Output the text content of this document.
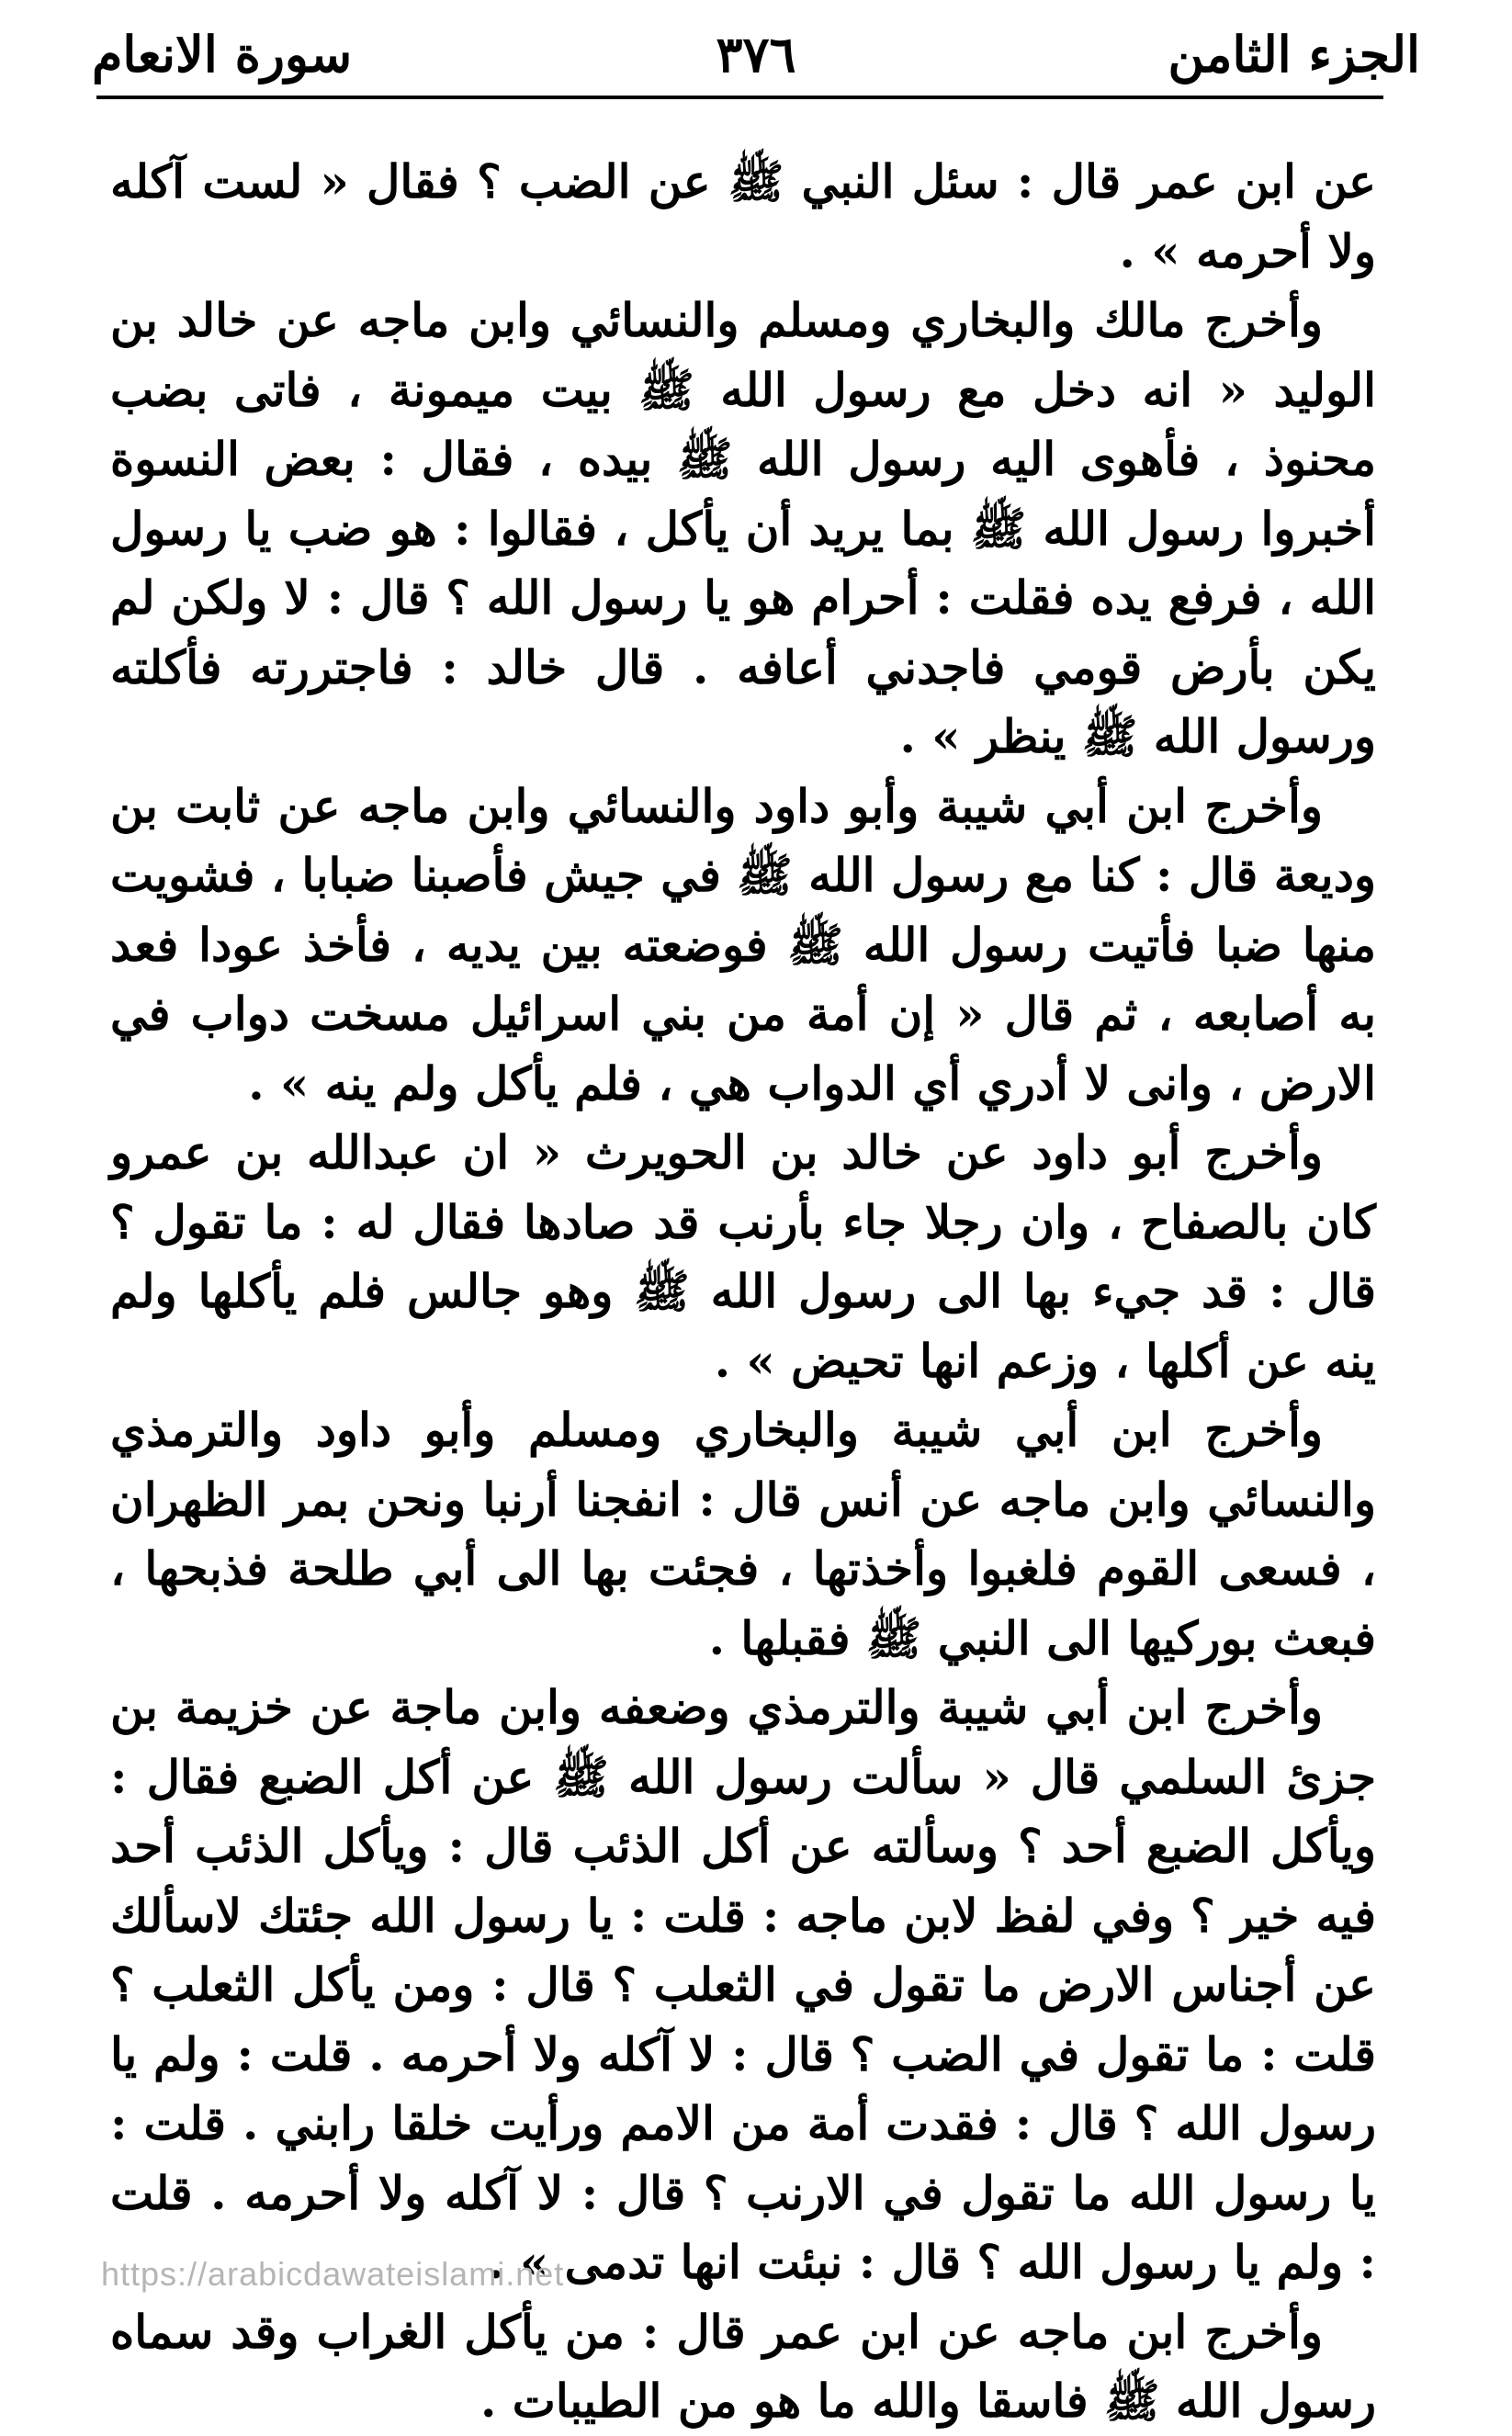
الجزء الثامن
٣٧٦
سورة الانعام

عن ابن عمر قال : سئل النبي ﷺ عن الضب ؟ فقال « لست آكله ولا أحرمه » .

وأخرج مالك والبخاري ومسلم والنسائي وابن ماجه عن خالد بن الوليد « انه دخل مع رسول الله ﷺ بيت ميمونة ، فاتى بضب محنوذ ، فأهوى اليه رسول الله ﷺ بيده ، فقال : بعض النسوة أخبروا رسول الله ﷺ بما يريد أن يأكل ، فقالوا : هو ضب يا رسول الله ، فرفع يده فقلت : أحرام هو يا رسول الله ؟ قال : لا ولكن لم يكن بأرض قومي فاجدني أعافه . قال خالد : فاجتررته فأكلته ورسول الله ﷺ ينظر » .

وأخرج ابن أبي شيبة وأبو داود والنسائي وابن ماجه عن ثابت بن وديعة قال : كنا مع رسول الله ﷺ في جيش فأصبنا ضبابا ، فشويت منها ضبا فأتيت رسول الله ﷺ فوضعته بين يديه ، فأخذ عودا فعد به أصابعه ، ثم قال « إن أمة من بني اسرائيل مسخت دواب في الارض ، وانى لا أدري أي الدواب هي ، فلم يأكل ولم ينه » .

وأخرج أبو داود عن خالد بن الحويرث « ان عبدالله بن عمرو كان بالصفاح ، وان رجلا جاء بأرنب قد صادها فقال له : ما تقول ؟ قال : قد جيء بها الى رسول الله ﷺ وهو جالس فلم يأكلها ولم ينه عن أكلها ، وزعم انها تحيض » .

وأخرج ابن أبي شيبة والبخاري ومسلم وأبو داود والترمذي والنسائي وابن ماجه عن أنس قال : انفجنا أرنبا ونحن بمر الظهران ، فسعى القوم فلغبوا وأخذتها ، فجئت بها الى أبي طلحة فذبحها ، فبعث بوركيها الى النبي ﷺ فقبلها .

وأخرج ابن أبي شيبة والترمذي وضعفه وابن ماجة عن خزيمة بن جزئ السلمي قال « سألت رسول الله ﷺ عن أكل الضبع فقال : ويأكل الضبع أحد ؟ وسألته عن أكل الذئب قال : ويأكل الذئب أحد فيه خير ؟ وفي لفظ لابن ماجه : قلت : يا رسول الله جئتك لاسألك عن أجناس الارض ما تقول في الثعلب ؟ قال : ومن يأكل الثعلب ؟ قلت : ما تقول في الضب ؟ قال : لا آكله ولا أحرمه . قلت : ولم يا رسول الله ؟ قال : فقدت أمة من الامم ورأيت خلقا رابني . قلت : يا رسول الله ما تقول في الارنب ؟ قال : لا آكله ولا أحرمه . قلت : ولم يا رسول الله ؟ قال : نبئت انها تدمى » .

وأخرج ابن ماجه عن ابن عمر قال : من يأكل الغراب وقد سماه رسول الله ﷺ فاسقا والله ما هو من الطيبات .

https://arabicdawateislami.net
